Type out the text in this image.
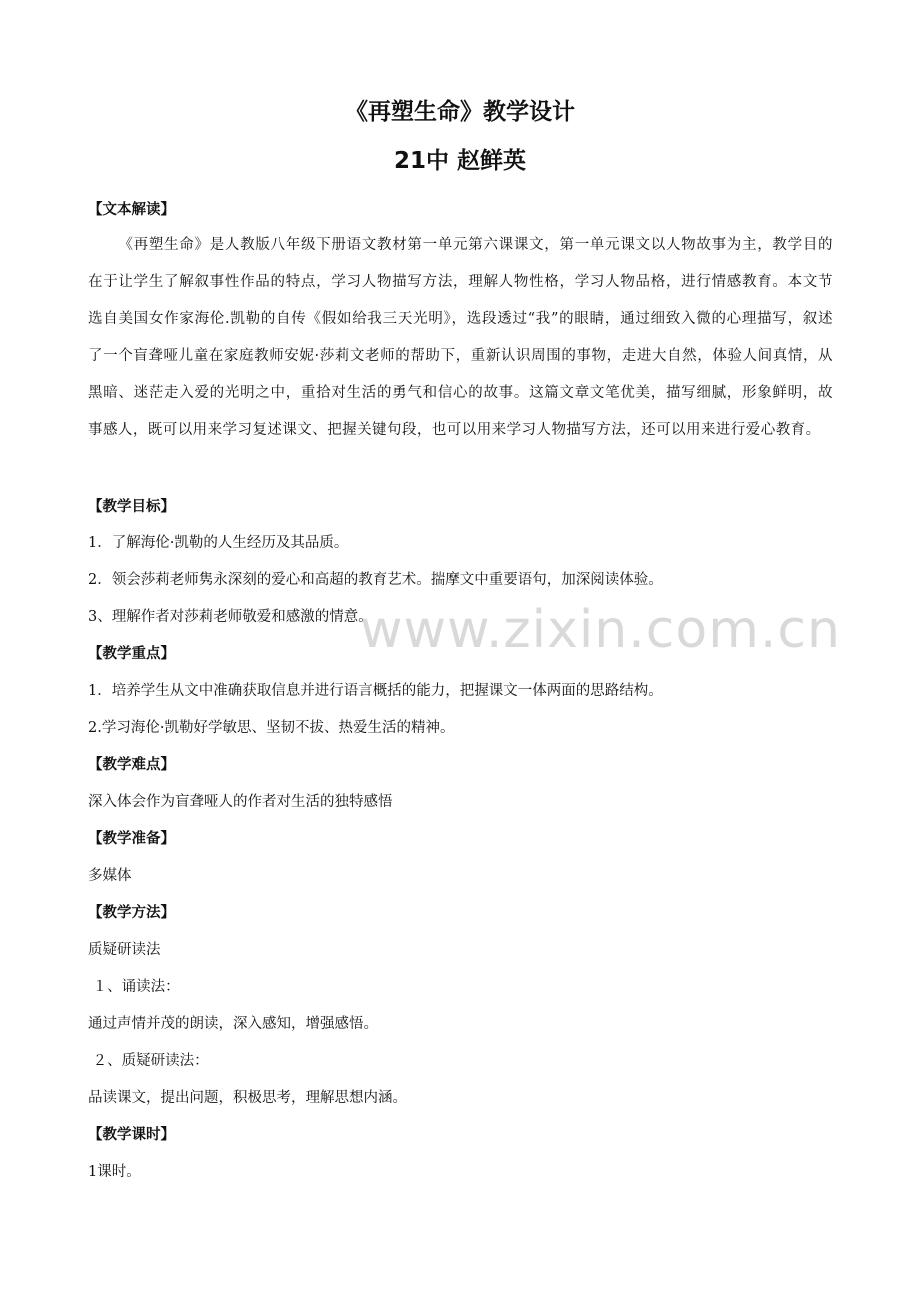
www.zixin.com.cn
《再塑生命》教学设计
21中 赵鲜英
【文本解读】

《再塑生命》是人教版八年级下册语文教材第一单元第六课课文，第一单元课文以人物故事为主，教学目的在于让学生了解叙事性作品的特点，学习人物描写方法，理解人物性格，学习人物品格，进行情感教育。本文节选自美国女作家海伦.凯勒的自传《假如给我三天光明》，选段透过“我”的眼睛，通过细致入微的心理描写，叙述了一个盲聋哑儿童在家庭教师安妮·莎莉文老师的帮助下，重新认识周围的事物，走进大自然，体验人间真情，从黑暗、迷茫走入爱的光明之中，重拾对生活的勇气和信心的故事。这篇文章文笔优美，描写细腻，形象鲜明，故事感人，既可以用来学习复述课文、把握关键句段，也可以用来学习人物描写方法，还可以用来进行爱心教育。

【教学目标】
1．了解海伦·凯勒的人生经历及其品质。
2．领会莎莉老师隽永深刻的爱心和高超的教育艺术。揣摩文中重要语句，加深阅读体验。
3、理解作者对莎莉老师敬爱和感激的情意。
【教学重点】
1．培养学生从文中准确获取信息并进行语言概括的能力，把握课文一体两面的思路结构。
2.学习海伦·凯勒好学敏思、坚韧不拔、热爱生活的精神。
【教学难点】
深入体会作为盲聋哑人的作者对生活的独特感悟
【教学准备】
多媒体
【教学方法】
质疑研读法
１、诵读法：
通过声情并茂的朗读，深入感知，增强感悟。
２、质疑研读法：
品读课文，提出问题，积极思考，理解思想内涵。
【教学课时】
1课时。
